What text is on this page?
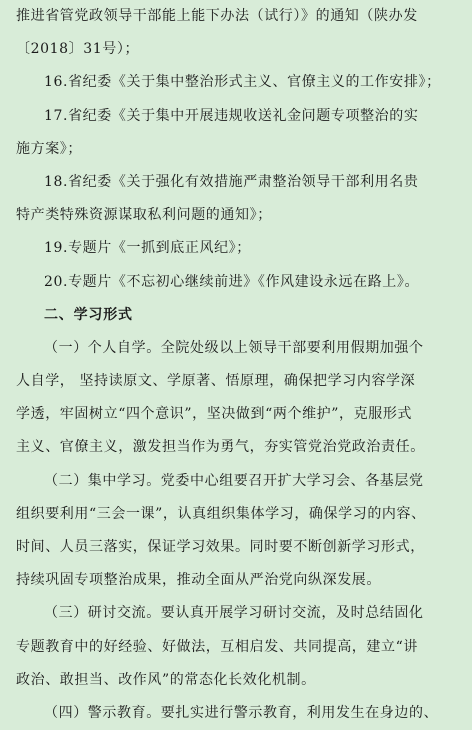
推进省管党政领导干部能上能下办法（试行）》的通知（陕办发
〔2018〕31号）；
16.省纪委《关于集中整治形式主义、官僚主义的工作安排》；
17.省纪委《关于集中开展违规收送礼金问题专项整治的实
施方案》；
18.省纪委《关于强化有效措施严肃整治领导干部利用名贵
特产类特殊资源谋取私利问题的通知》；
19.专题片《一抓到底正风纪》；
20.专题片《不忘初心继续前进》《作风建设永远在路上》。
二、学习形式
（一）个人自学。全院处级以上领导干部要利用假期加强个
人自学， 坚持读原文、学原著、悟原理，确保把学习内容学深
学透，牢固树立“四个意识”，坚决做到“两个维护”，克服形式
主义、官僚主义，激发担当作为勇气，夯实管党治党政治责任。
（二）集中学习。党委中心组要召开扩大学习会、各基层党
组织要利用“三会一课”，认真组织集体学习，确保学习的内容、
时间、人员三落实，保证学习效果。同时要不断创新学习形式，
持续巩固专项整治成果，推动全面从严治党向纵深发展。
（三）研讨交流。要认真开展学习研讨交流，及时总结固化
专题教育中的好经验、好做法，互相启发、共同提高，建立“讲
政治、敢担当、改作风”的常态化长效化机制。
（四）警示教育。要扎实进行警示教育，利用发生在身边的、
